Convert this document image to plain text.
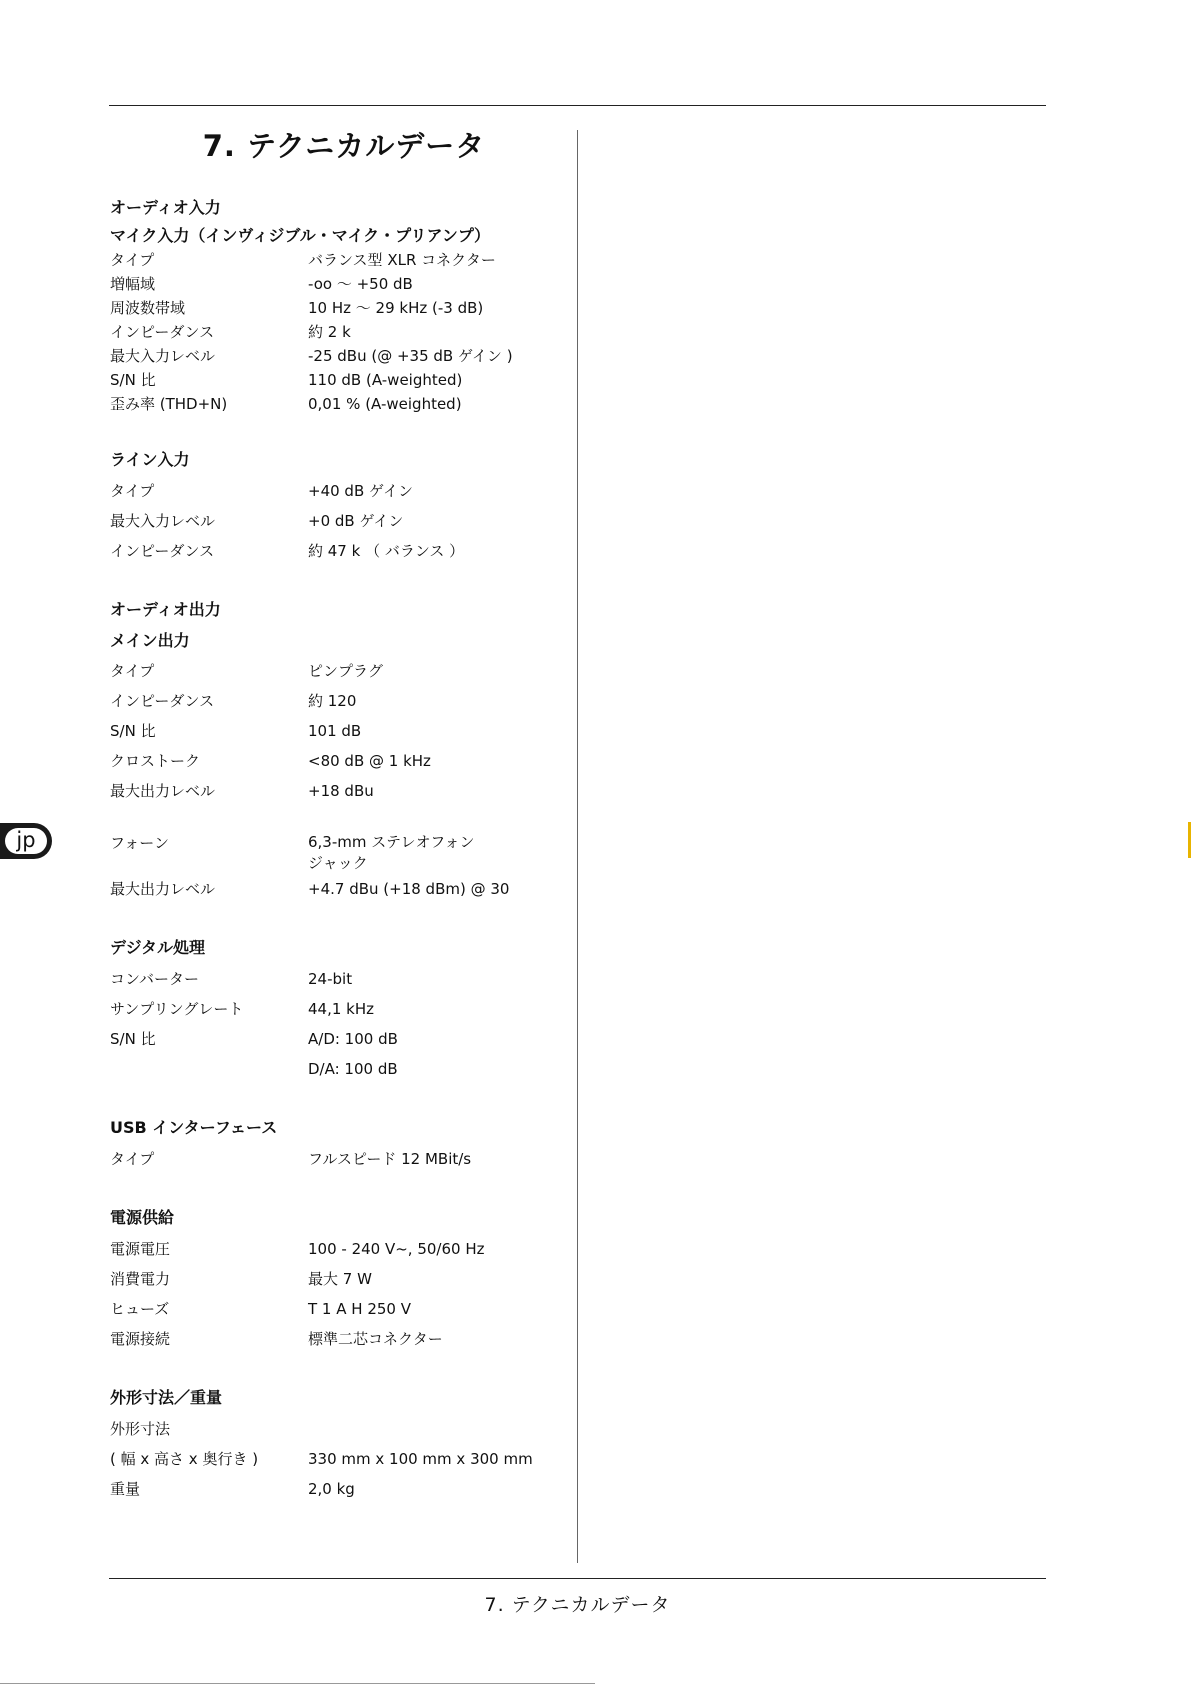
7. テクニカルデータ
オーディオ入力
マイク入力（インヴィジブル・マイク・プリアンプ）
タイプ	バランス型 XLR コネクター
増幅域	-oo 〜 +50 dB
周波数帯域	10 Hz 〜 29 kHz (-3 dB)
インピーダンス	約 2 k
最大入力レベル	-25 dBu (@ +35 dB ゲイン )
S/N 比	110 dB (A-weighted)
歪み率 (THD+N)	0,01 % (A-weighted)
ライン入力
タイプ	+40 dB ゲイン
最大入力レベル	+0 dB ゲイン
インピーダンス	約 47 k （ バランス ）
オーディオ出力
メイン出力
タイプ	ピンプラグ
インピーダンス	約 120
S/N 比	101 dB
クロストーク	<80 dB @ 1 kHz
最大出力レベル	+18 dBu
フォーン	6,3-mm ステレオフォン
ジャック
最大出力レベル	+4.7 dBu (+18 dBm) @ 30
デジタル処理
コンバーター	24-bit
サンプリングレート	44,1 kHz
S/N 比	A/D: 100 dB
D/A: 100 dB
USB インターフェース
タイプ	フルスピード 12 MBit/s
電源供給
電源電圧	100 - 240 V~, 50/60 Hz
消費電力	最大 7 W
ヒューズ	T 1 A H 250 V
電源接続	標準二芯コネクター
外形寸法／重量
外形寸法
( 幅 x 高さ x 奥行き )	330 mm x 100 mm x 300 mm
重量	2,0 kg
jp
7. テクニカルデータ
